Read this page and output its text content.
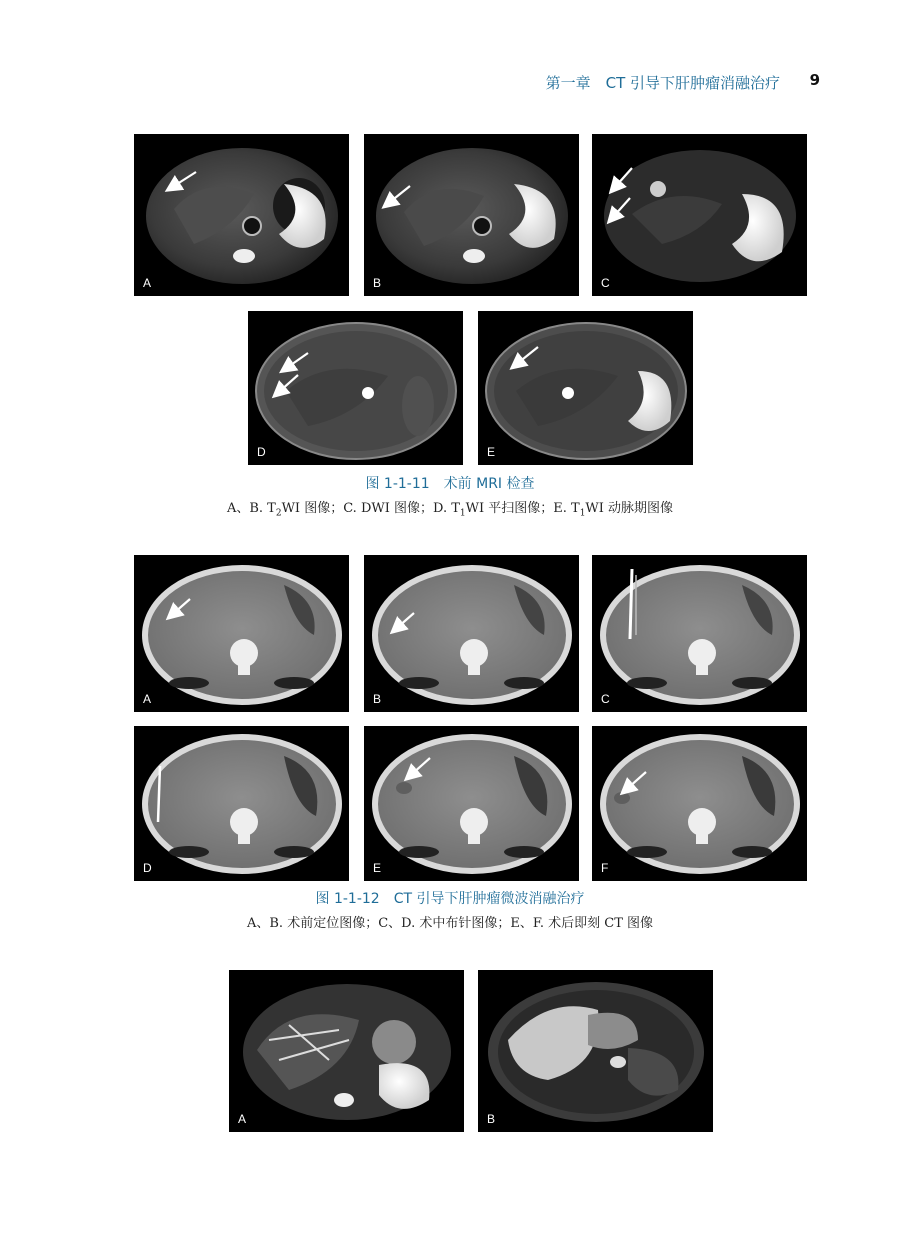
第一章　CT 引导下肝肿瘤消融治疗	9
A	B	C
D	E
图 1-1-11　术前 MRI 检查
A、B. $T_2WI$ 图像；C. DWI 图像；D. $T_1WI$ 平扫图像；E. $T_1WI$ 动脉期图像
A	B	C
D	E	F
图 1-1-12　CT 引导下肝肿瘤微波消融治疗
A、B. 术前定位图像；C、D. 术中布针图像；E、F. 术后即刻 CT 图像
A	B
